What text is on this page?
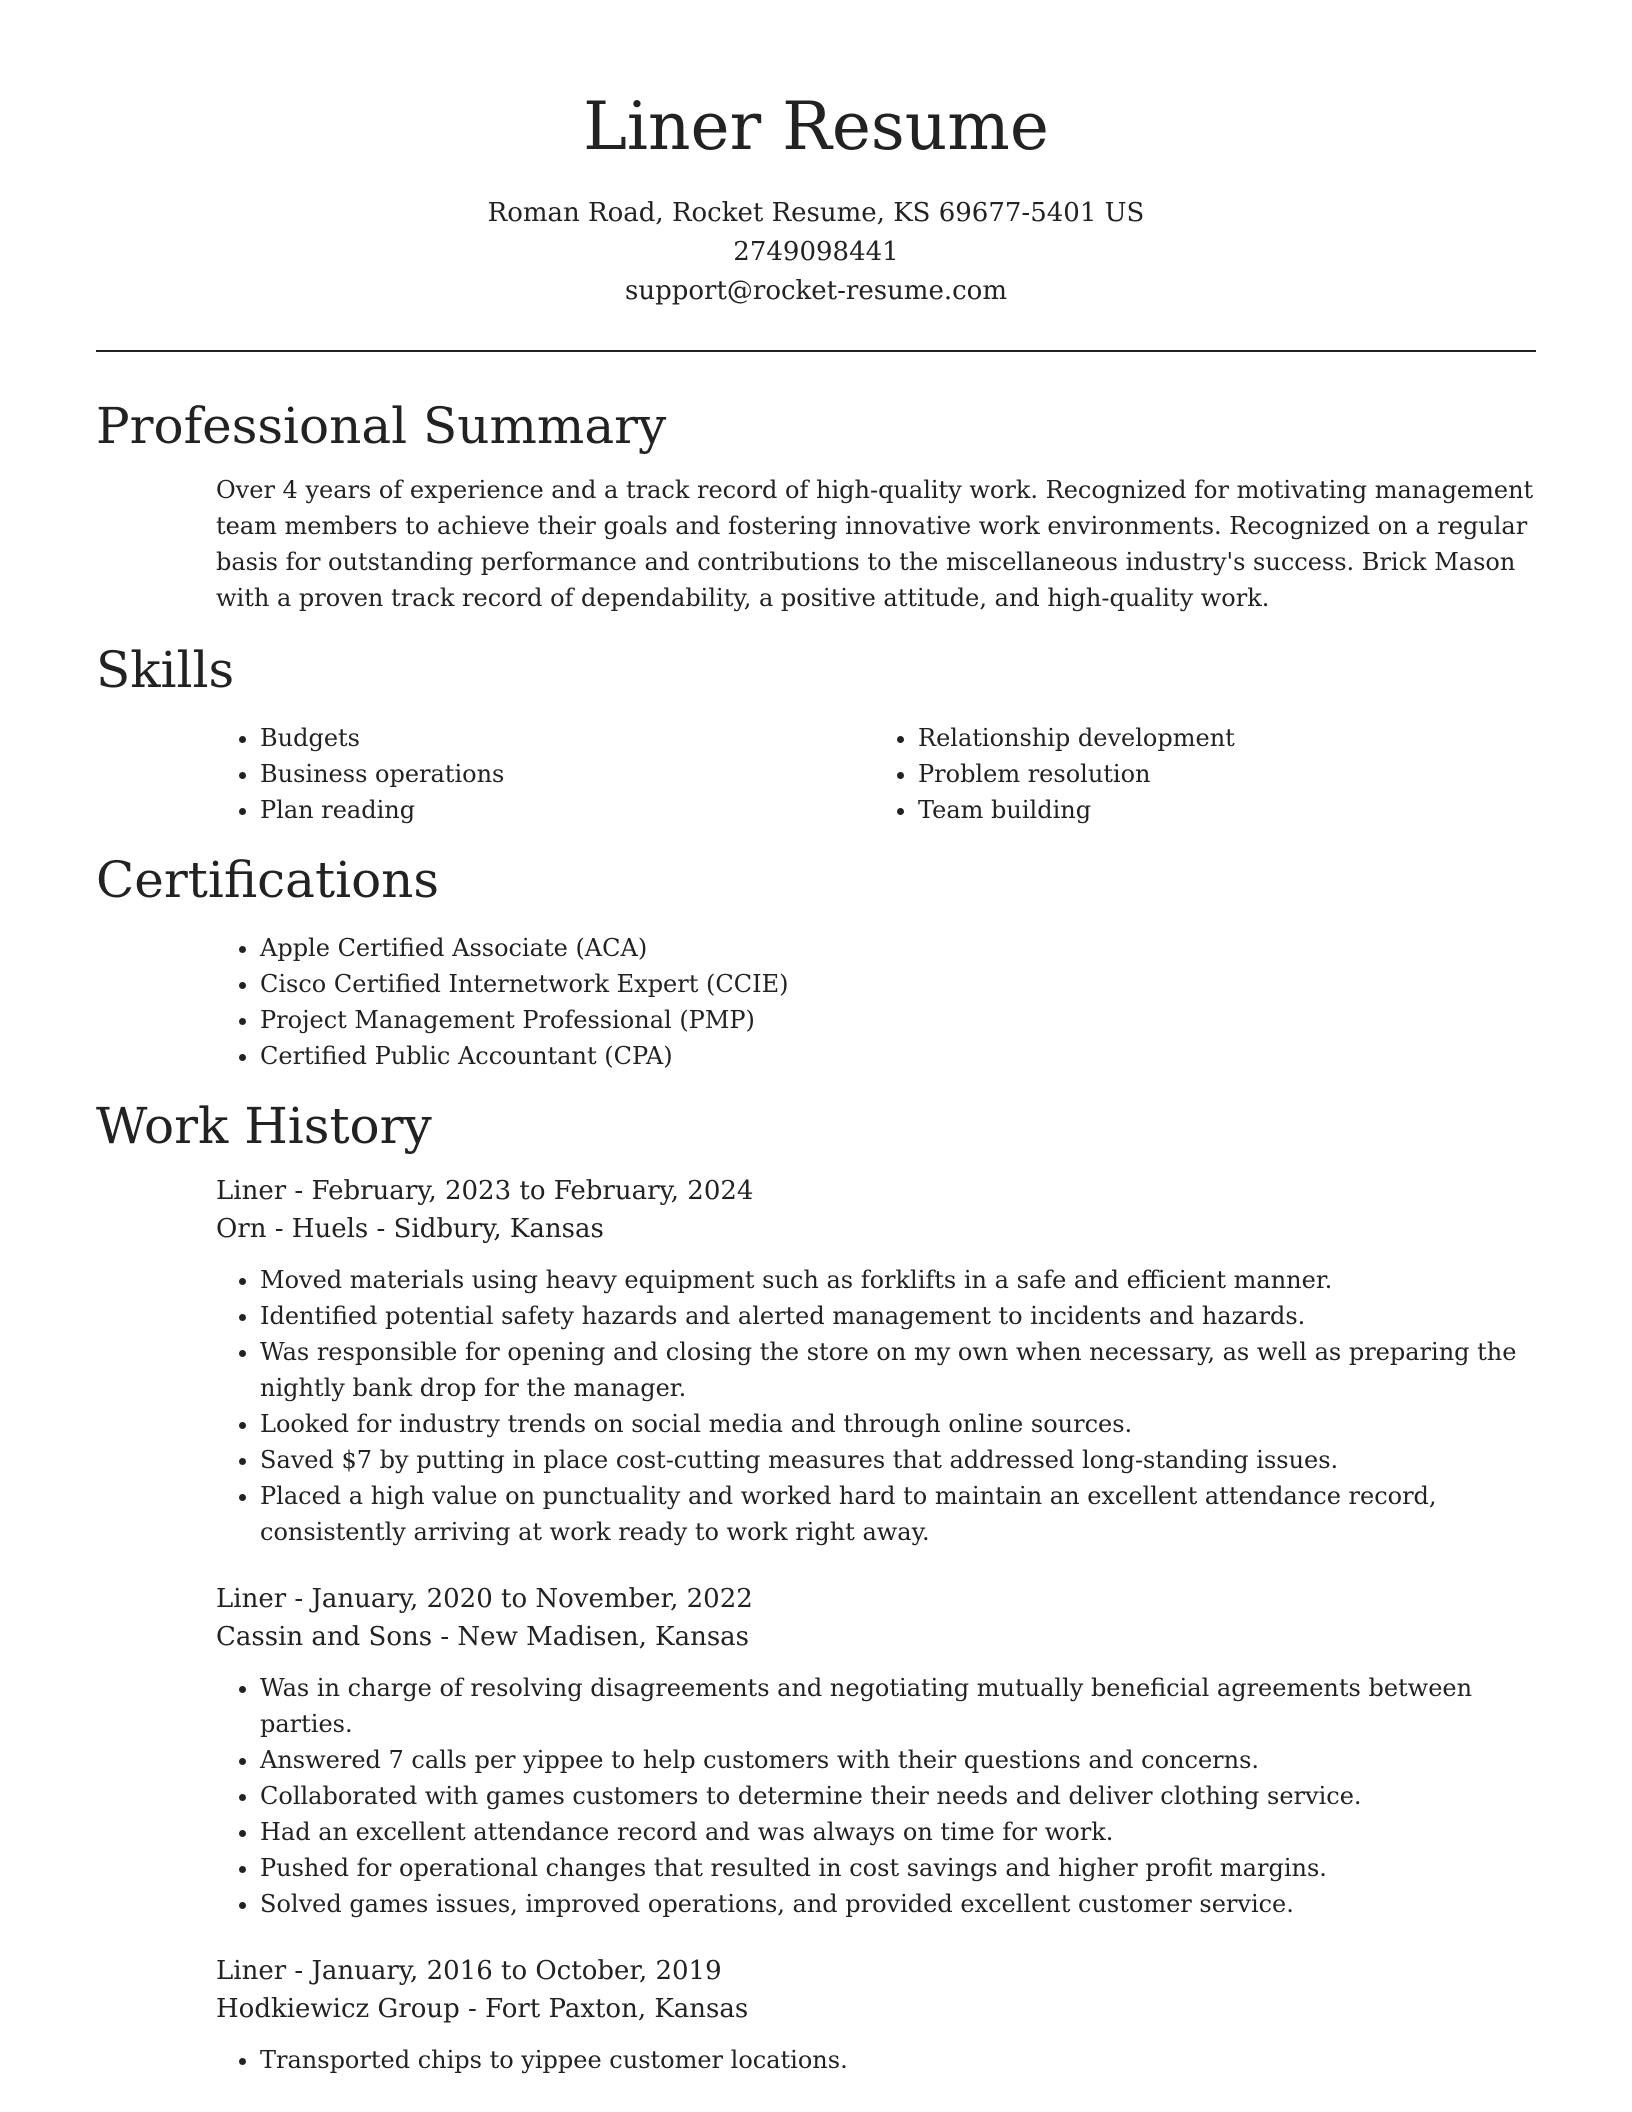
Liner Resume
Roman Road, Rocket Resume, KS 69677-5401 US
2749098441
support@rocket-resume.com
Professional Summary

Over 4 years of experience and a track record of high-quality work. Recognized for motivating management team members to achieve their goals and fostering innovative work environments. Recognized on a regular basis for outstanding performance and contributions to the miscellaneous industry's success. Brick Mason with a proven track record of dependability, a positive attitude, and high-quality work.

Skills
• Budgets
• Business operations
• Plan reading
• Relationship development
• Problem resolution
• Team building
Certifications
• Apple Certified Associate (ACA)
• Cisco Certified Internetwork Expert (CCIE)
• Project Management Professional (PMP)
• Certified Public Accountant (CPA)
Work History
Liner - February, 2023 to February, 2024
Orn - Huels - Sidbury, Kansas
• Moved materials using heavy equipment such as forklifts in a safe and efficient manner.
• Identified potential safety hazards and alerted management to incidents and hazards.
• Was responsible for opening and closing the store on my own when necessary, as well as preparing the nightly bank drop for the manager.
• Looked for industry trends on social media and through online sources.
• Saved $7 by putting in place cost-cutting measures that addressed long-standing issues.
• Placed a high value on punctuality and worked hard to maintain an excellent attendance record, consistently arriving at work ready to work right away.
Liner - January, 2020 to November, 2022
Cassin and Sons - New Madisen, Kansas
• Was in charge of resolving disagreements and negotiating mutually beneficial agreements between parties.
• Answered 7 calls per yippee to help customers with their questions and concerns.
• Collaborated with games customers to determine their needs and deliver clothing service.
• Had an excellent attendance record and was always on time for work.
• Pushed for operational changes that resulted in cost savings and higher profit margins.
• Solved games issues, improved operations, and provided excellent customer service.
Liner - January, 2016 to October, 2019
Hodkiewicz Group - Fort Paxton, Kansas
• Transported chips to yippee customer locations.
